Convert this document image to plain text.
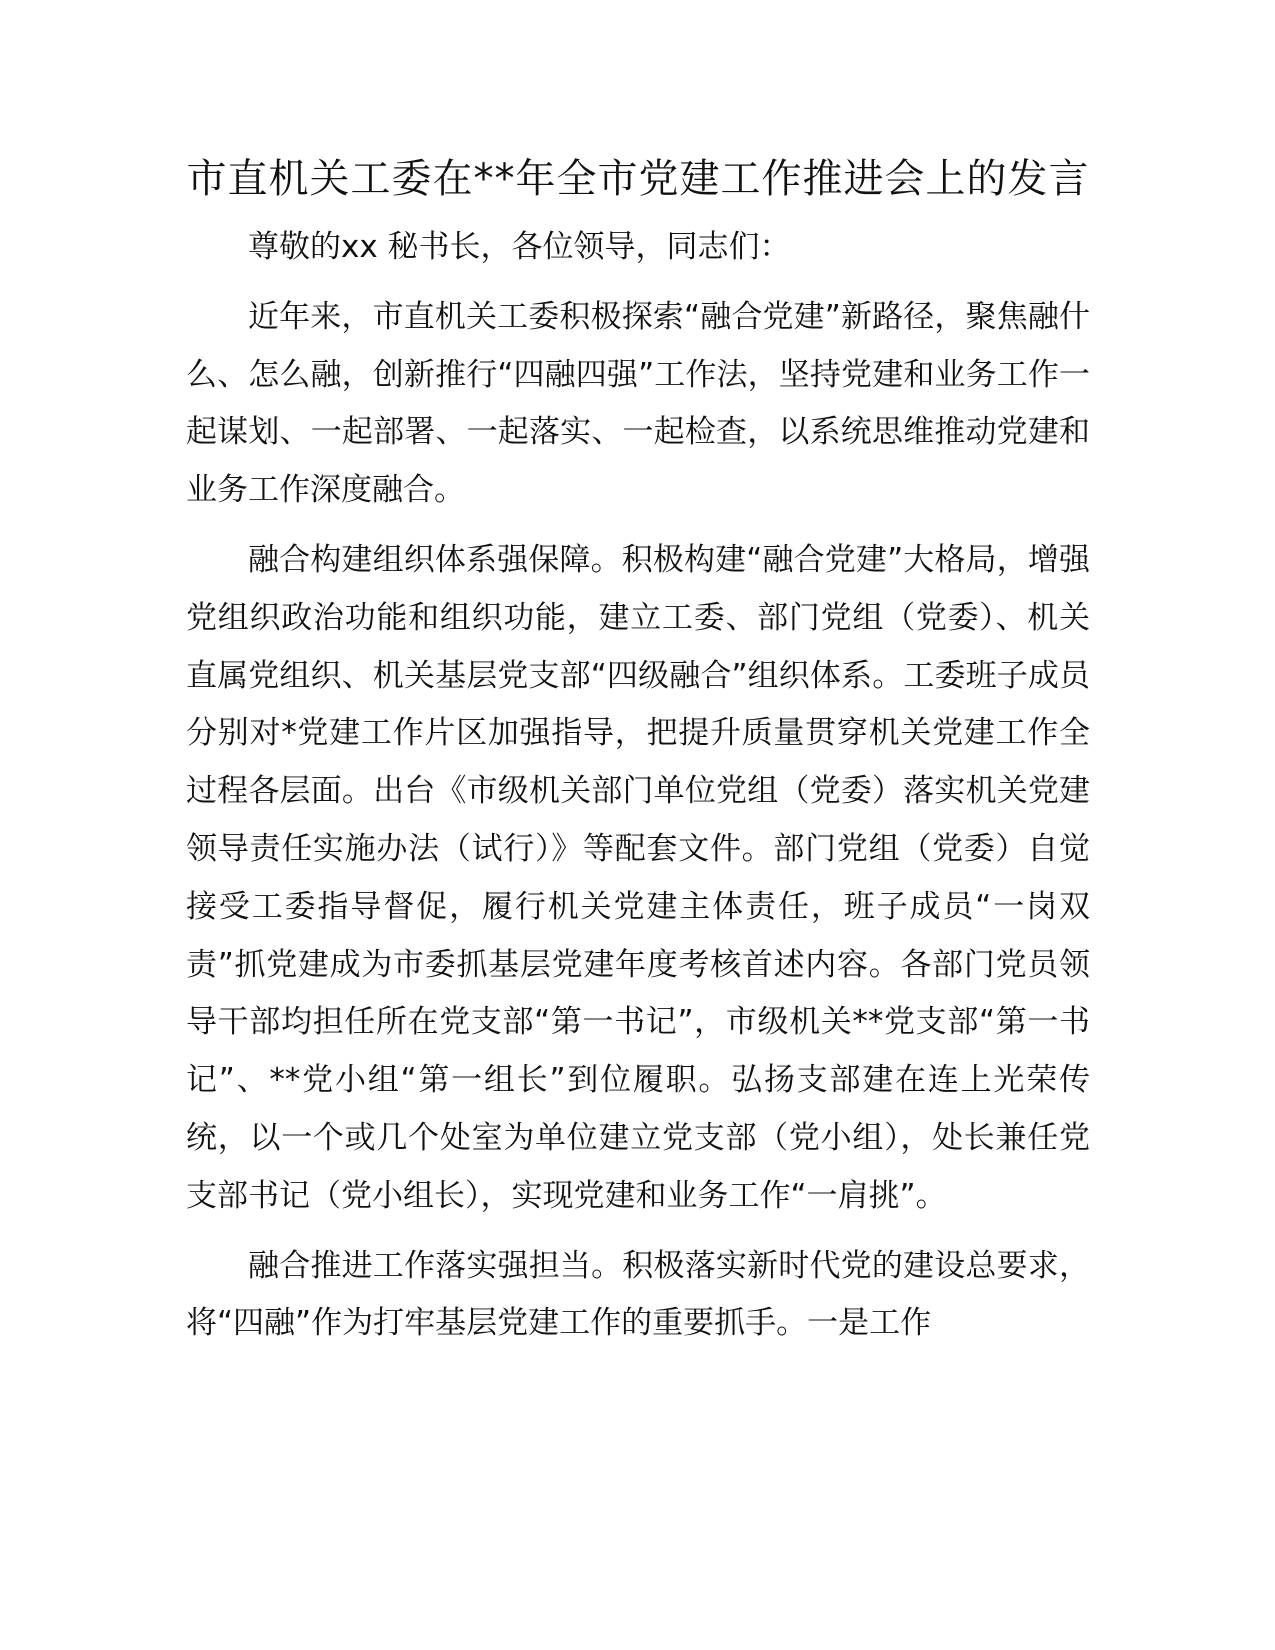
市直机关工委在**年全市党建工作推进会上的发言

尊敬的xx 秘书长，各位领导，同志们：

近年来，市直机关工委积极探索“融合党建”新路径，聚焦融什么、怎么融，创新推行“四融四强”工作法，坚持党建和业务工作一起谋划、一起部署、一起落实、一起检查，以系统思维推动党建和业务工作深度融合。

融合构建组织体系强保障。积极构建“融合党建”大格局，增强党组织政治功能和组织功能，建立工委、部门党组（党委）、机关直属党组织、机关基层党支部“四级融合”组织体系。工委班子成员分别对*党建工作片区加强指导，把提升质量贯穿机关党建工作全过程各层面。出台《市级机关部门单位党组（党委）落实机关党建领导责任实施办法（试行）》等配套文件。部门党组（党委）自觉接受工委指导督促，履行机关党建主体责任，班子成员“一岗双责”抓党建成为市委抓基层党建年度考核首述内容。各部门党员领导干部均担任所在党支部“第一书记”，市级机关**党支部“第一书记”、**党小组“第一组长”到位履职。弘扬支部建在连上光荣传统，以一个或几个处室为单位建立党支部（党小组），处长兼任党支部书记（党小组长），实现党建和业务工作“一肩挑”。

融合推进工作落实强担当。积极落实新时代党的建设总要求，将“四融”作为打牢基层党建工作的重要抓手。一是工作
